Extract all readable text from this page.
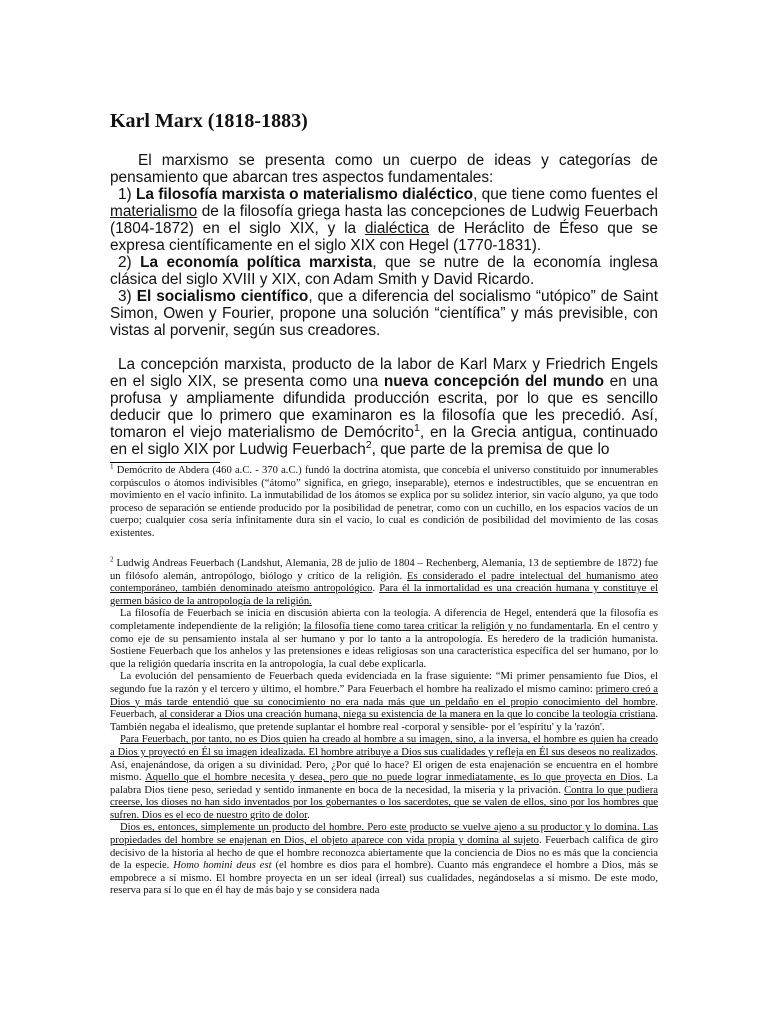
Karl Marx (1818-1883)

El marxismo se presenta como un cuerpo de ideas y categorías de pensamiento que abarcan tres aspectos fundamentales:

1) La filosofía marxista o materialismo dialéctico, que tiene como fuentes el materialismo de la filosofía griega hasta las concepciones de Ludwig Feuerbach (1804-1872) en el siglo XIX, y la dialéctica de Heráclito de Éfeso que se expresa científicamente en el siglo XIX con Hegel (1770-1831).

2) La economía política marxista, que se nutre de la economía inglesa clásica del siglo XVIII y XIX, con Adam Smith y David Ricardo.

3) El socialismo científico, que a diferencia del socialismo “utópico” de Saint Simon, Owen y Fourier, propone una solución “científica” y más previsible, con vistas al porvenir, según sus creadores.

La concepción marxista, producto de la labor de Karl Marx y Friedrich Engels en el siglo XIX, se presenta como una nueva concepción del mundo en una profusa y ampliamente difundida producción escrita, por lo que es sencillo deducir que lo primero que examinaron es la filosofía que les precedió. Así, tomaron el viejo materialismo de Demócrito$^1$, en la Grecia antigua, continuado en el siglo XIX por Ludwig Feuerbach$^2$, que parte de la premisa de que lo

$^1$ Demócrito de Abdera (460 a.C. - 370 a.C.) fundó la doctrina atomista, que concebía el universo constituido por innumerables corpúsculos o átomos indivisibles (“átomo” significa, en griego, inseparable), eternos e indestructibles, que se encuentran en movimiento en el vacío infinito. La inmutabilidad de los átomos se explica por su solidez interior, sin vacío alguno, ya que todo proceso de separación se entiende producido por la posibilidad de penetrar, como con un cuchillo, en los espacios vacíos de un cuerpo; cualquier cosa sería infinitamente dura sin el vacío, lo cual es condición de posibilidad del movimiento de las cosas existentes.

$^2$ Ludwig Andreas Feuerbach (Landshut, Alemania, 28 de julio de 1804 – Rechenberg, Alemania, 13 de septiembre de 1872) fue un filósofo alemán, antropólogo, biólogo y crítico de la religión. Es considerado el padre intelectual del humanismo ateo contemporáneo, también denominado ateísmo antropológico. Para él la inmortalidad es una creación humana y constituye el germen básico de la antropología de la religión.

La filosofía de Feuerbach se inicia en discusión abierta con la teología. A diferencia de Hegel, entenderá que la filosofía es completamente independiente de la religión; la filosofía tiene como tarea criticar la religión y no fundamentarla. En el centro y como eje de su pensamiento instala al ser humano y por lo tanto a la antropología. Es heredero de la tradición humanista. Sostiene Feuerbach que los anhelos y las pretensiones e ideas religiosas son una característica específica del ser humano, por lo que la religión quedaría inscrita en la antropología, la cual debe explicarla.

La evolución del pensamiento de Feuerbach queda evidenciada en la frase siguiente: “Mi primer pensamiento fue Dios, el segundo fue la razón y el tercero y último, el hombre.” Para Feuerbach el hombre ha realizado el mismo camino: primero creó a Dios y más tarde entendió que su conocimiento no era nada más que un peldaño en el propio conocimiento del hombre. Feuerbach, al considerar a Dios una creación humana, niega su existencia de la manera en la que lo concibe la teología cristiana. También negaba el idealismo, que pretende suplantar el hombre real -corporal y sensible- por el 'espíritu' y la 'razón'.

Para Feuerbach, por tanto, no es Dios quien ha creado al hombre a su imagen, sino, a la inversa, el hombre es quien ha creado a Dios y proyectó en Él su imagen idealizada. El hombre atribuye a Dios sus cualidades y refleja en Él sus deseos no realizados. Así, enajenándose, da origen a su divinidad. Pero, ¿Por qué lo hace? El origen de esta enajenación se encuentra en el hombre mismo. Aquello que el hombre necesita y desea, pero que no puede lograr inmediatamente, es lo que proyecta en Dios. La palabra Dios tiene peso, seriedad y sentido inmanente en boca de la necesidad, la miseria y la privación. Contra lo que pudiera creerse, los dioses no han sido inventados por los gobernantes o los sacerdotes, que se valen de ellos, sino por los hombres que sufren. Dios es el eco de nuestro grito de dolor.

Dios es, entonces, simplemente un producto del hombre. Pero este producto se vuelve ajeno a su productor y lo domina. Las propiedades del hombre se enajenan en Dios, el objeto aparece con vida propia y domina al sujeto. Feuerbach califica de giro decisivo de la historia al hecho de que el hombre reconozca abiertamente que la conciencia de Dios no es más que la conciencia de la especie. Homo homini deus est (el hombre es dios para el hombre). Cuanto más engrandece el hombre a Dios, más se empobrece a sí mismo. El hombre proyecta en un ser ideal (irreal) sus cualidades, negándoselas a sí mismo. De este modo, reserva para sí lo que en él hay de más bajo y se considera nada
